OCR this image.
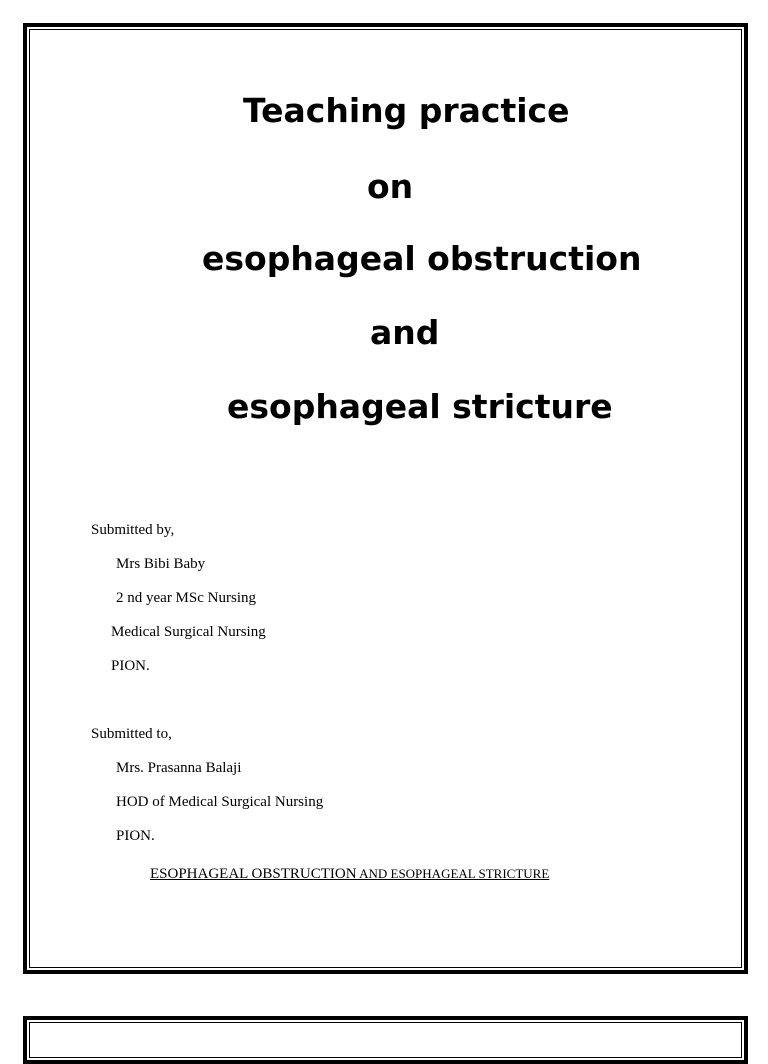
Teaching practice
on
esophageal obstruction
and
esophageal stricture
Submitted by,
Mrs Bibi Baby
2 nd year MSc Nursing
Medical Surgical Nursing
PION.
Submitted to,
Mrs. Prasanna Balaji
HOD of Medical Surgical Nursing
PION.
ESOPHAGEAL OBSTRUCTION AND ESOPHAGEAL STRICTURE
